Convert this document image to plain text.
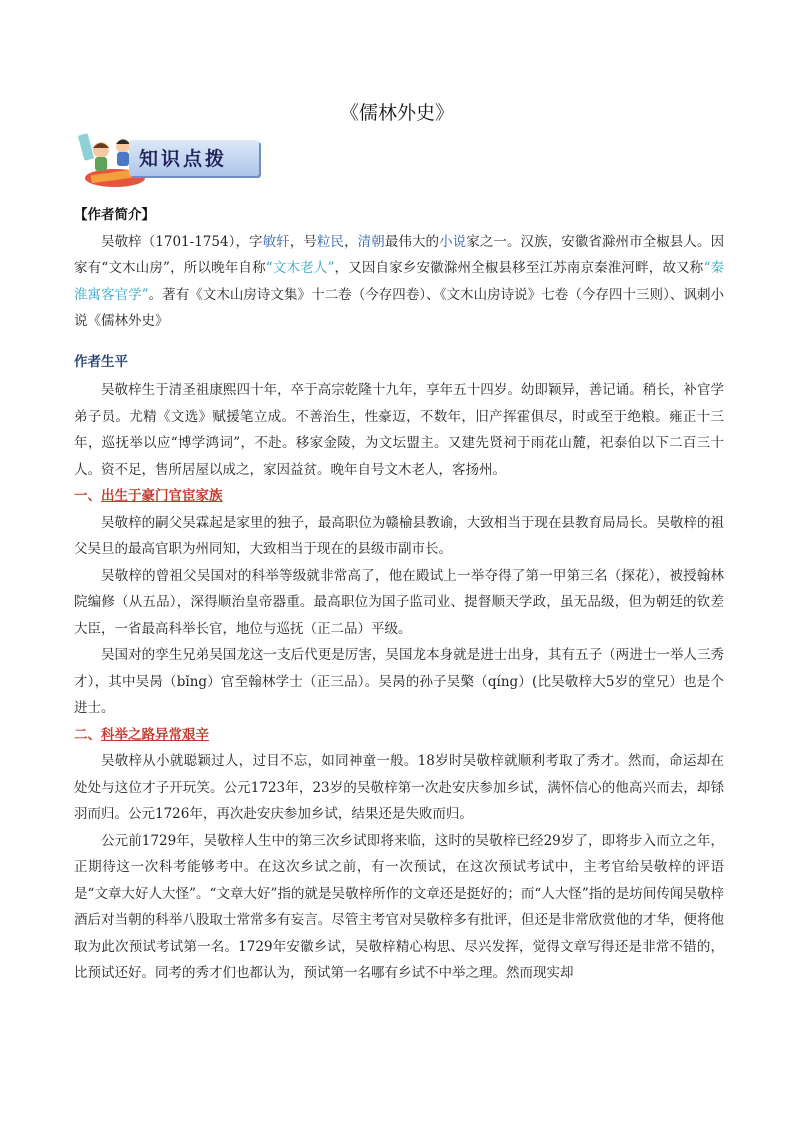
《儒林外史》
知识点拨

【作者简介】

吴敬梓（1701-1754），字敏轩，号粒民，清朝最伟大的小说家之一。汉族，安徽省滁州市全椒县人。因家有“文木山房”，所以晚年自称“文木老人”，又因自家乡安徽滁州全椒县移至江苏南京秦淮河畔，故又称“秦淮寓客官学”。著有《文木山房诗文集》十二卷（今存四卷）、《文木山房诗说》七卷（今存四十三则）、讽刺小说《儒林外史》

作者生平

吴敬梓生于清圣祖康熙四十年，卒于高宗乾隆十九年，享年五十四岁。幼即颖异，善记诵。稍长，补官学弟子员。尤精《文选》赋援笔立成。不善治生，性豪迈，不数年，旧产挥霍俱尽，时或至于绝粮。雍正十三年，巡抚举以应“博学鸿词”，不赴。移家金陵，为文坛盟主。又建先贤祠于雨花山麓，祀泰伯以下二百三十人。资不足，售所居屋以成之，家因益贫。晚年自号文木老人，客扬州。

一、出生于豪门官宦家族

吴敬梓的嗣父吴霖起是家里的独子，最高职位为赣榆县教谕，大致相当于现在县教育局局长。吴敬梓的祖父吴旦的最高官职为州同知，大致相当于现在的县级市副市长。

吴敬梓的曾祖父吴国对的科举等级就非常高了，他在殿试上一举夺得了第一甲第三名（探花），被授翰林院编修（从五品），深得顺治皇帝器重。最高职位为国子监司业、提督顺天学政，虽无品级，但为朝廷的钦差大臣，一省最高科举长官，地位与巡抚（正二品）平级。

吴国对的孪生兄弟吴国龙这一支后代更是厉害，吴国龙本身就是进士出身，其有五子（两进士一举人三秀才），其中吴昺（bǐng）官至翰林学士（正三品）。吴昺的孙子吴檠（qíng）(比吴敬梓大5岁的堂兄）也是个进士。

二、科举之路异常艰辛

吴敬梓从小就聪颖过人，过目不忘，如同神童一般。18岁时吴敬梓就顺利考取了秀才。然而，命运却在处处与这位才子开玩笑。公元1723年，23岁的吴敬梓第一次赴安庆参加乡试，满怀信心的他高兴而去，却铩羽而归。公元1726年，再次赴安庆参加乡试，结果还是失败而归。

公元前1729年，吴敬梓人生中的第三次乡试即将来临，这时的吴敬梓已经29岁了，即将步入而立之年，正期待这一次科考能够考中。在这次乡试之前，有一次预试，在这次预试考试中，主考官给吴敬梓的评语是“文章大好人大怪”。“文章大好”指的就是吴敬梓所作的文章还是挺好的；而“人大怪”指的是坊间传闻吴敬梓酒后对当朝的科举八股取士常常多有妄言。尽管主考官对吴敬梓多有批评，但还是非常欣赏他的才华，便将他取为此次预试考试第一名。1729年安徽乡试，吴敬梓精心构思、尽兴发挥，觉得文章写得还是非常不错的，比预试还好。同考的秀才们也都认为，预试第一名哪有乡试不中举之理。然而现实却
